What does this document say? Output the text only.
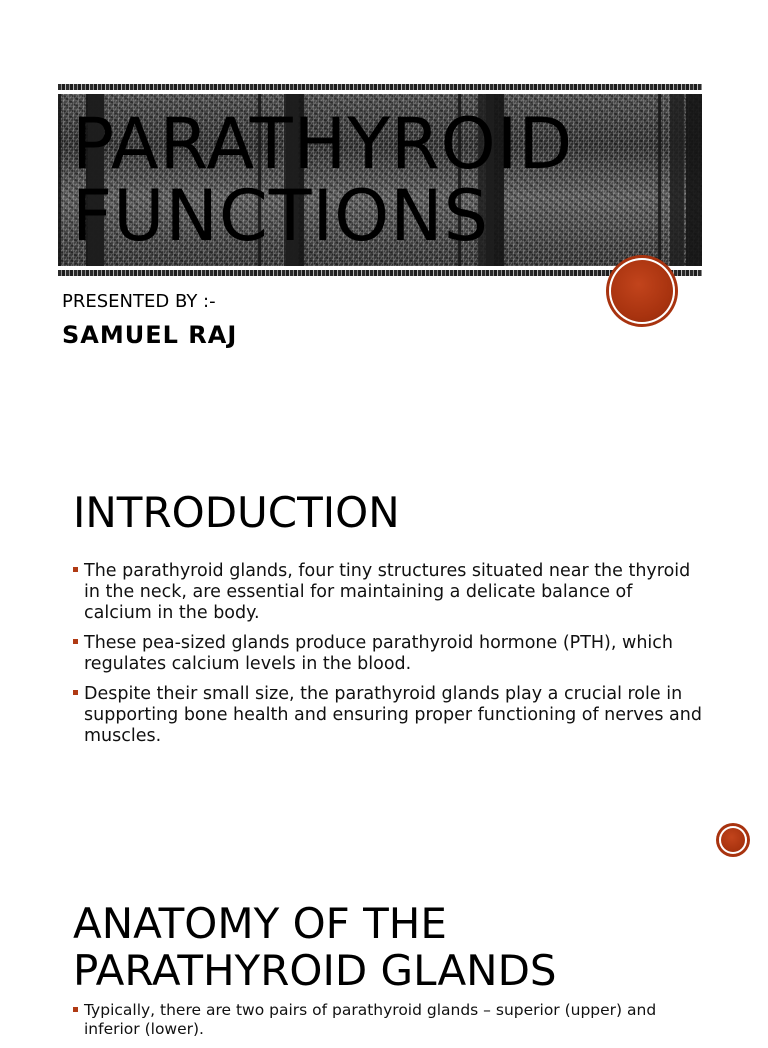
PARATHYROID
FUNCTIONS
PRESENTED BY :-
SAMUEL RAJ
INTRODUCTION
The parathyroid glands, four tiny structures situated near the thyroid in the neck, are essential for maintaining a delicate balance of calcium in the body.
These pea-sized glands produce parathyroid hormone (PTH), which regulates calcium levels in the blood.
Despite their small size, the parathyroid glands play a crucial role in supporting bone health and ensuring proper functioning of nerves and muscles.
ANATOMY OF THE
PARATHYROID GLANDS
Typically, there are two pairs of parathyroid glands – superior (upper) and inferior (lower).
